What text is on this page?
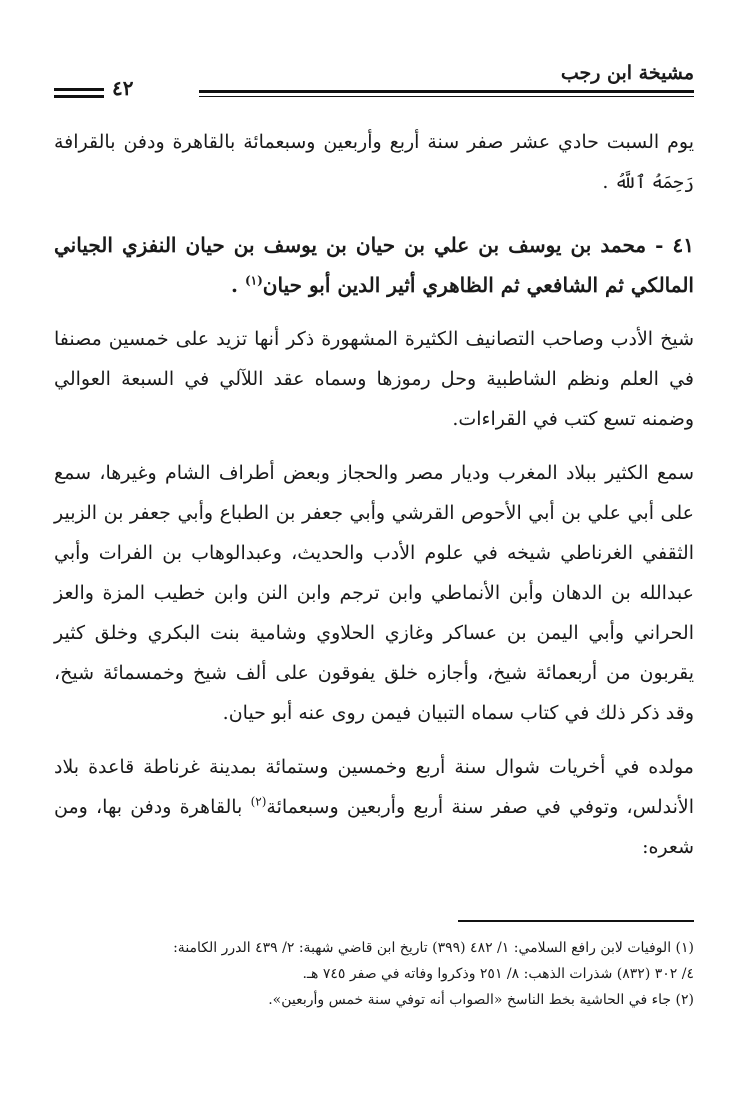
مشيخة ابن رجب
٤٢

يوم السبت حادي عشر صفر سنة أربع وأربعين وسبعمائة بالقاهرة ودفن بالقرافة رَحِمَهُ ٱللَّهُ .

٤١ - محمد بن يوسف بن علي بن حيان بن يوسف بن حيان النفزي الجياني المالكي ثم الشافعي ثم الظاهري أثير الدين أبو حيان$^{(١)}$ .

شيخ الأدب وصاحب التصانيف الكثيرة المشهورة ذكر أنها تزيد على خمسين مصنفا في العلم ونظم الشاطبية وحل رموزها وسماه عقد اللآلي في السبعة العوالي وضمنه تسع كتب في القراءات.

سمع الكثير ببلاد المغرب وديار مصر والحجاز وبعض أطراف الشام وغيرها، سمع على أبي علي بن أبي الأحوص القرشي وأبي جعفر بن الطباع وأبي جعفر بن الزبير الثقفي الغرناطي شيخه في علوم الأدب والحديث، وعبدالوهاب بن الفرات وأبي عبدالله بن الدهان وأبن الأنماطي وابن ترجم وابن النن وابن خطيب المزة والعز الحراني وأبي اليمن بن عساكر وغازي الحلاوي وشامية بنت البكري وخلق كثير يقربون من أربعمائة شيخ، وأجازه خلق يفوقون على ألف شيخ وخمسمائة شيخ، وقد ذكر ذلك في كتاب سماه التبيان فيمن روى عنه أبو حيان.

مولده في أخريات شوال سنة أربع وخمسين وستمائة بمدينة غرناطة قاعدة بلاد الأندلس، وتوفي في صفر سنة أربع وأربعين وسبعمائة$^{(٢)}$ بالقاهرة ودفن بها، ومن شعره:

(١) الوفيات لابن رافع السلامي: ١/ ٤٨٢ (٣٩٩) تاريخ ابن قاضي شهبة: ٢/ ٤٣٩ الدرر الكامنة:

٤/ ٣٠٢ (٨٣٢) شذرات الذهب: ٨/ ٢٥١ وذكروا وفاته في صفر ٧٤٥ هـ.

(٢) جاء في الحاشية بخط الناسخ «الصواب أنه توفي سنة خمس وأربعين».
